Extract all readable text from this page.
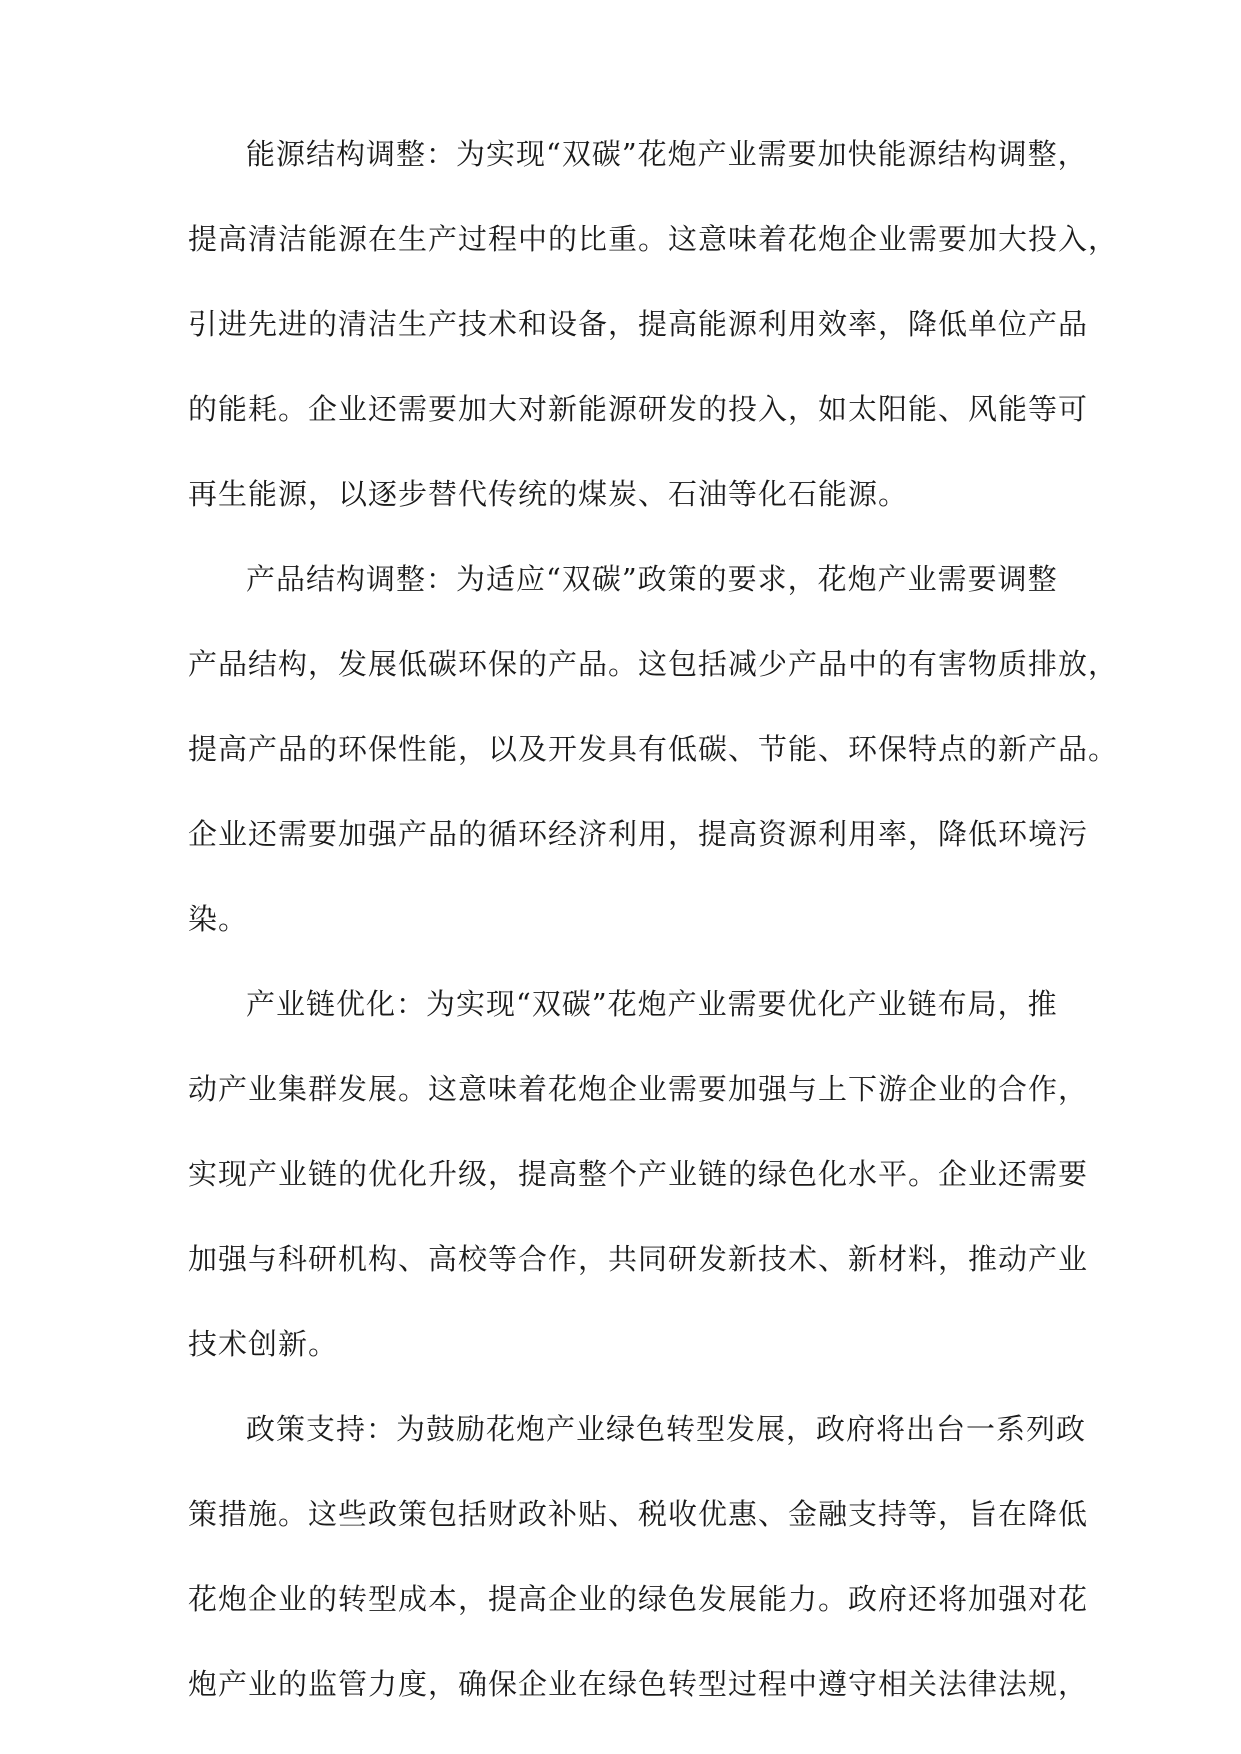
能源结构调整：为实现“双碳”花炮产业需要加快能源结构调整，
提高清洁能源在生产过程中的比重。这意味着花炮企业需要加大投入，
引进先进的清洁生产技术和设备，提高能源利用效率，降低单位产品
的能耗。企业还需要加大对新能源研发的投入，如太阳能、风能等可
再生能源，以逐步替代传统的煤炭、石油等化石能源。
产品结构调整：为适应“双碳”政策的要求，花炮产业需要调整
产品结构，发展低碳环保的产品。这包括减少产品中的有害物质排放，
提高产品的环保性能，以及开发具有低碳、节能、环保特点的新产品。
企业还需要加强产品的循环经济利用，提高资源利用率，降低环境污
染。
产业链优化：为实现“双碳”花炮产业需要优化产业链布局，推
动产业集群发展。这意味着花炮企业需要加强与上下游企业的合作，
实现产业链的优化升级，提高整个产业链的绿色化水平。企业还需要
加强与科研机构、高校等合作，共同研发新技术、新材料，推动产业
技术创新。
政策支持：为鼓励花炮产业绿色转型发展，政府将出台一系列政
策措施。这些政策包括财政补贴、税收优惠、金融支持等，旨在降低
花炮企业的转型成本，提高企业的绿色发展能力。政府还将加强对花
炮产业的监管力度，确保企业在绿色转型过程中遵守相关法律法规，
